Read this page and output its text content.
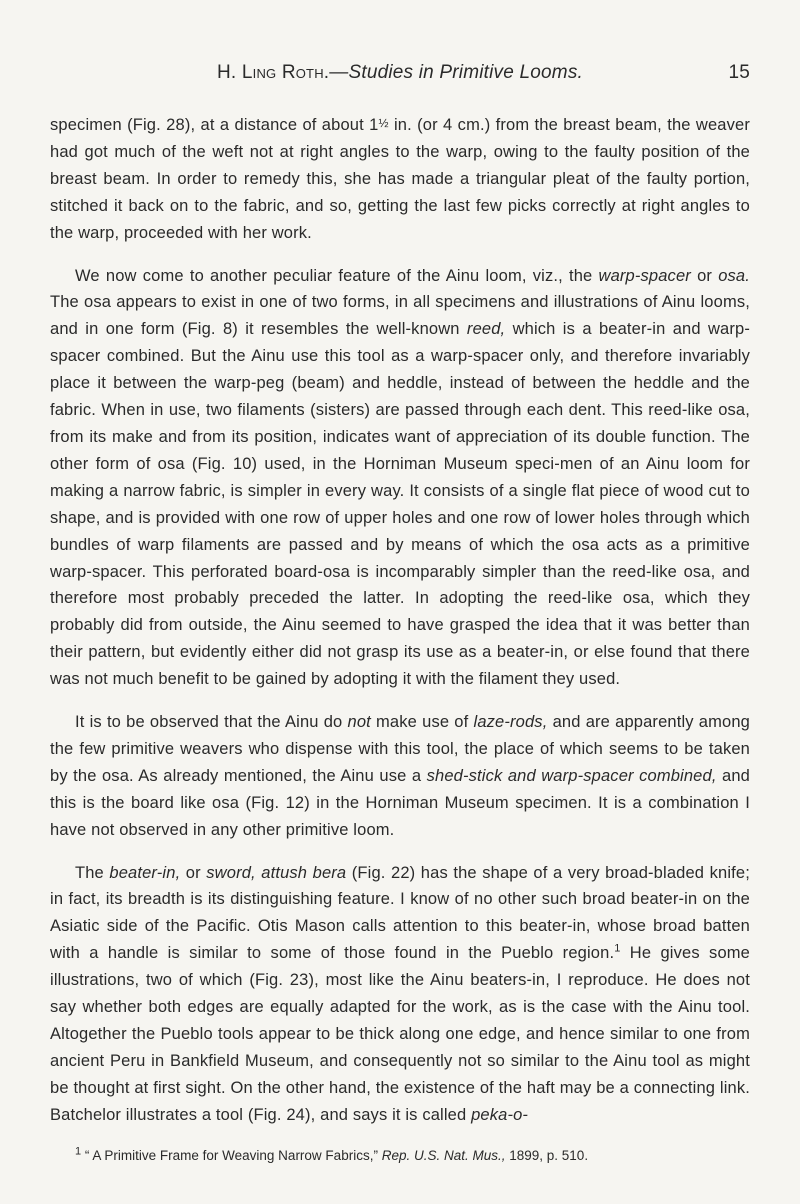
H. Ling Roth.—Studies in Primitive Looms.	15

specimen (Fig. 28), at a distance of about 1½ in. (or 4 cm.) from the breast beam, the weaver had got much of the weft not at right angles to the warp, owing to the faulty position of the breast beam. In order to remedy this, she has made a triangular pleat of the faulty portion, stitched it back on to the fabric, and so, getting the last few picks correctly at right angles to the warp, proceeded with her work.

We now come to another peculiar feature of the Ainu loom, viz., the warp-spacer or osa. The osa appears to exist in one of two forms, in all specimens and illustrations of Ainu looms, and in one form (Fig. 8) it resembles the well-known reed, which is a beater-in and warp-spacer combined. But the Ainu use this tool as a warp-spacer only, and therefore invariably place it between the warp-peg (beam) and heddle, instead of between the heddle and the fabric. When in use, two filaments (sisters) are passed through each dent. This reed-like osa, from its make and from its position, indicates want of appreciation of its double function. The other form of osa (Fig. 10) used, in the Horniman Museum speci-men of an Ainu loom for making a narrow fabric, is simpler in every way. It consists of a single flat piece of wood cut to shape, and is provided with one row of upper holes and one row of lower holes through which bundles of warp filaments are passed and by means of which the osa acts as a primitive warp-spacer. This perforated board-osa is incomparably simpler than the reed-like osa, and therefore most probably preceded the latter. In adopting the reed-like osa, which they probably did from outside, the Ainu seemed to have grasped the idea that it was better than their pattern, but evidently either did not grasp its use as a beater-in, or else found that there was not much benefit to be gained by adopting it with the filament they used.

It is to be observed that the Ainu do not make use of laze-rods, and are apparently among the few primitive weavers who dispense with this tool, the place of which seems to be taken by the osa. As already mentioned, the Ainu use a shed-stick and warp-spacer combined, and this is the board like osa (Fig. 12) in the Horniman Museum specimen. It is a combination I have not observed in any other primitive loom.

The beater-in, or sword, attush bera (Fig. 22) has the shape of a very broad-bladed knife; in fact, its breadth is its distinguishing feature. I know of no other such broad beater-in on the Asiatic side of the Pacific. Otis Mason calls attention to this beater-in, whose broad batten with a handle is similar to some of those found in the Pueblo region.$^1$ He gives some illustrations, two of which (Fig. 23), most like the Ainu beaters-in, I reproduce. He does not say whether both edges are equally adapted for the work, as is the case with the Ainu tool. Altogether the Pueblo tools appear to be thick along one edge, and hence similar to one from ancient Peru in Bankfield Museum, and consequently not so similar to the Ainu tool as might be thought at first sight. On the other hand, the existence of the haft may be a connecting link. Batchelor illustrates a tool (Fig. 24), and says it is called peka-o-

$^1$ “ A Primitive Frame for Weaving Narrow Fabrics,” Rep. U.S. Nat. Mus., 1899, p. 510.
